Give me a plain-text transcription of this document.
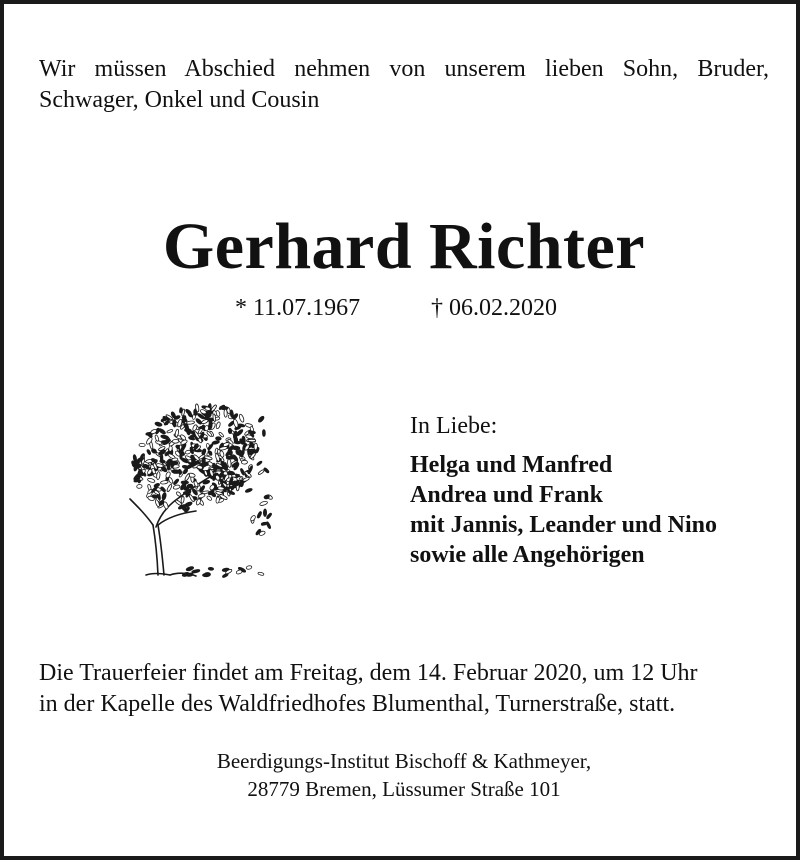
Wir müssen Abschied nehmen von unserem lieben Sohn, Bruder,
Schwager, Onkel und Cousin
Gerhard Richter
* 11.07.1967	† 06.02.2020
In Liebe:
Helga und Manfred
Andrea und Frank
mit Jannis, Leander und Nino
sowie alle Angehörigen
Die Trauerfeier findet am Freitag, dem 14. Februar 2020, um 12 Uhr
in der Kapelle des Waldfriedhofes Blumenthal, Turnerstraße, statt.
Beerdigungs-Institut Bischoff & Kathmeyer,
28779 Bremen, Lüssumer Straße 101
